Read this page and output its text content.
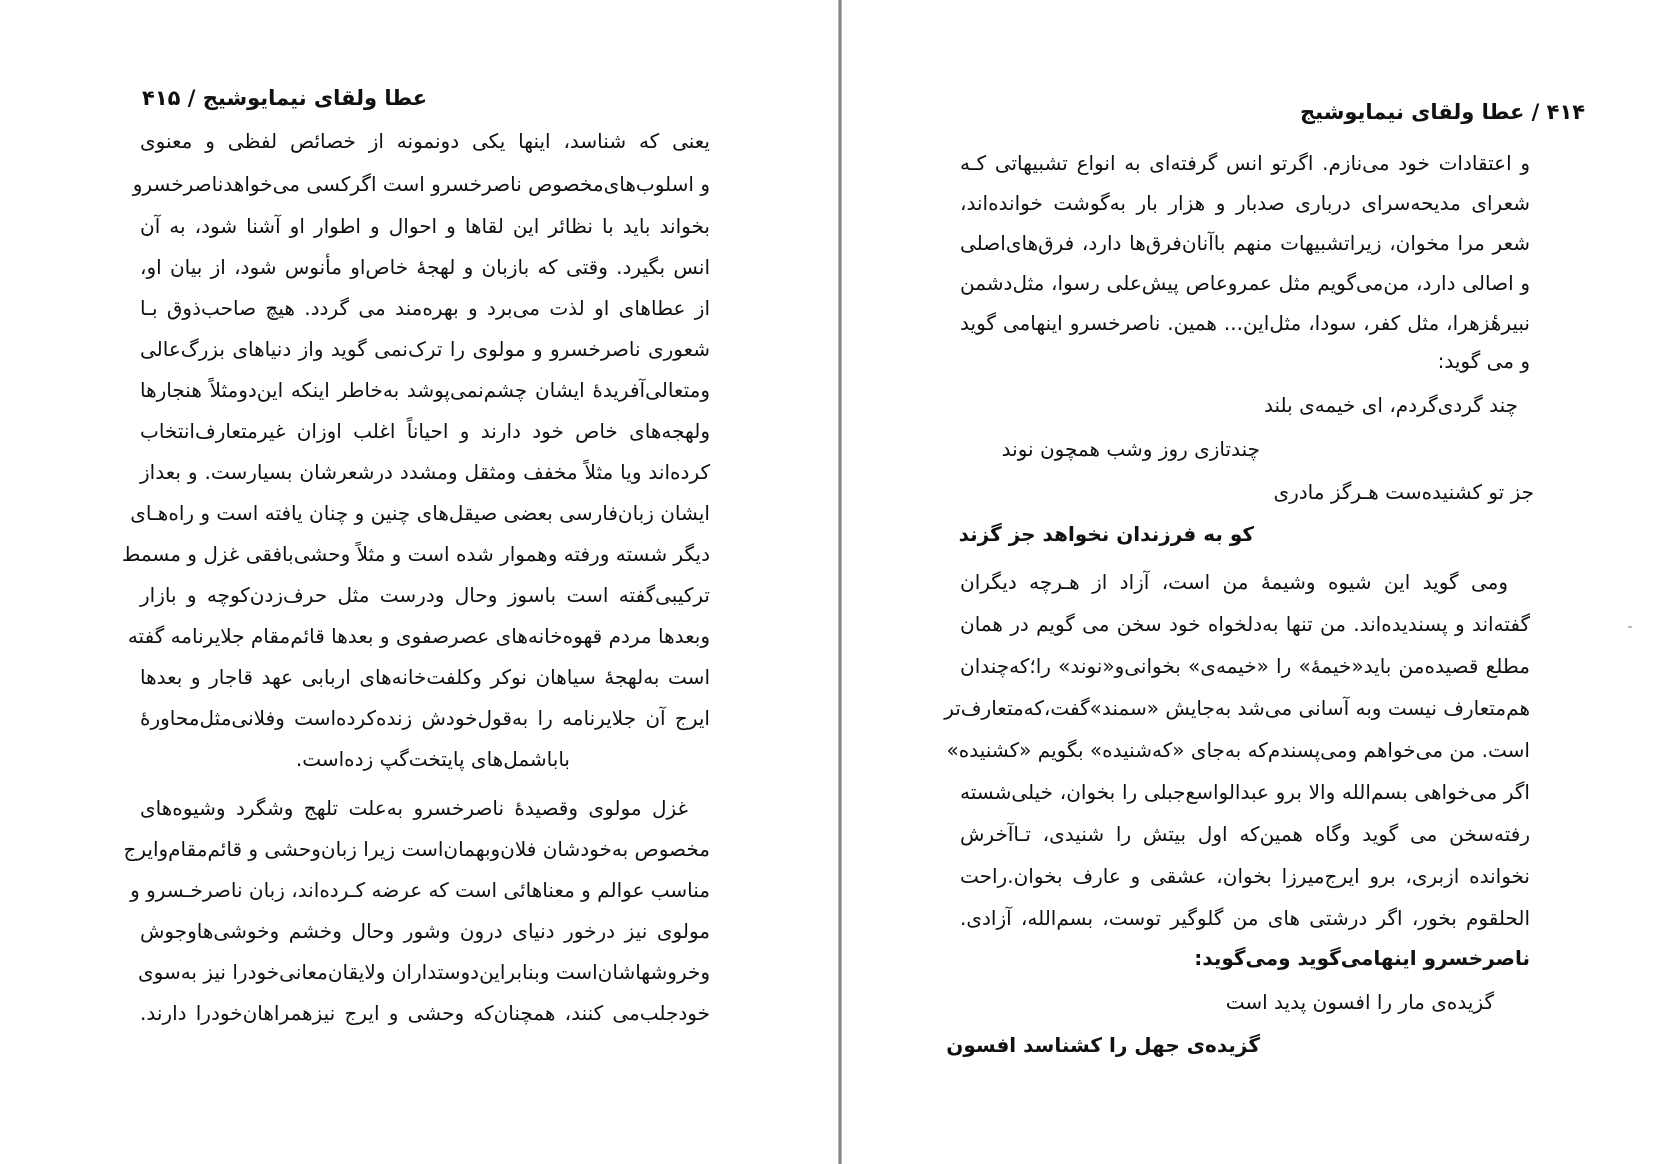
عطا ولقای نیمایوشیج / ۴۱۵
یعنی که شناسد، اینها یکی دونمونه از خصائص لفظی و معنوی
و اسلوب‌های‌مخصوص ناصرخسرو است اگرکسی می‌خواهدناصرخسرو
بخواند باید با نظائر این لقاها و احوال و اطوار او آشنا شود، به آن
انس بگیرد. وقتی که بازبان و لهجهٔ خاص‌او مأنوس شود، از بیان او،
از عطاهای او لذت می‌برد و بهره‌مند می گردد. هیچ صاحب‌ذوق بـا
شعوری ناصرخسرو و مولوی را ترک‌نمی گوید واز دنیاهای بزرگ‌عالی
ومتعالی‌آفریدهٔ ایشان چشم‌نمی‌پوشد به‌خاطر اینکه این‌دومثلاً هنجارها
ولهجه‌های خاص خود دارند و احیاناً اغلب اوزان غیرمتعارف‌انتخاب
کرده‌اند ویا مثلاً مخفف ومثقل ومشدد درشعرشان بسیارست. و بعداز
ایشان زبان‌فارسی بعضی صیقل‌های چنین و چنان یافته است و راه‌هـای
دیگر شسته ورفته وهموار شده است و مثلاً وحشی‌بافقی غزل و مسمط
ترکیبی‌گفته است باسوز وحال ودرست مثل حرف‌زدن‌کوچه و بازار
وبعدها مردم قهوه‌خانه‌های عصرصفوی و بعدها قائم‌مقام جلایرنامه گفته
است به‌لهجهٔ سیاهان نوکر وکلفت‌خانه‌های اربابی عهد قاجار و بعدها
ایرج آن جلایرنامه را به‌قول‌خودش زنده‌کرده‌است وفلانی‌مثل‌محاورهٔ
باباشمل‌های پایتخت‌گپ زده‌است.
غزل مولوی وقصیدهٔ ناصرخسرو به‌علت تلهج وشگرد وشیوه‌های
مخصوص به‌خودشان فلان‌وبهمان‌است زیرا زبان‌وحشی و قائم‌مقام‌وایرج
مناسب عوالم و معناهائی است که عرضه کـرده‌اند، زبان ناصرخـسرو و
مولوی نیز درخور دنیای درون وشور وحال وخشم وخوشی‌هاوجوش
وخروشهاشان‌است وبنابراین‌دوستداران ولایقان‌معانی‌خودرا نیز به‌سوی
خودجلب‌می کنند، همچنان‌که وحشی و ایرج نیزهمراهان‌خودرا دارند.
۴۱۴ / عطا ولقای نیمایوشیج
و اعتقادات خود می‌نازم. اگرتو انس گرفته‌ای به انواع تشبیهاتی کـه
شعرای مدیحه‌سرای درباری صدبار و هزار بار به‌گوشت خوانده‌اند،
شعر مرا مخوان، زیراتشبیهات منهم باآنان‌فرق‌ها دارد، فرق‌های‌اصلی
و اصالی دارد، من‌می‌گویم مثل عمروعاص پیش‌علی رسوا، مثل‌دشمن
نبیرهٔزهرا، مثل کفر، سودا، مثل‌این... همین. ناصرخسرو اینهامی گوید
و می گوید:
چند گردی‌گردم، ای خیمه‌ی بلند
چندتازی روز وشب همچون نوند
جز تو کشنیده‌ست هـرگز مادری
کو به فرزندان نخواهد جز گزند
ومی گوید این شیوه وشیمهٔ من است، آزاد از هـرچه دیگران
گفته‌اند و پسندیده‌اند. من تنها به‌دلخواه خود سخن می گویم در همان
مطلع قصیده‌من باید«خیمهٔ» را «خیمه‌ی» بخوانی‌و«نوند» را؛که‌چندان
هم‌متعارف نیست وبه آسانی می‌شد به‌جایش «سمند»گفت،که‌متعارف‌تر
است. من می‌خواهم ومی‌پسندم‌که به‌جای «که‌شنیده» بگویم «کشنیده»
اگر می‌خواهی بسم‌الله والا برو عبدالواسع‌جبلی را بخوان، خیلی‌شسته
رفته‌سخن می گوید وگاه همین‌که اول بیتش را شنیدی، تـاآخرش
نخوانده ازبری، برو ایرج‌میرزا بخوان، عشقی و عارف بخوان.راحت‌
الحلقوم بخور، اگر درشتی های من گلوگیر توست، بسم‌الله، آزادی.
ناصرخسرو اینهامی‌گوید ومی‌گوید:
گزیده‌ی مار را افسون پدید است
گزیده‌ی جهل را کشناسد افسون
